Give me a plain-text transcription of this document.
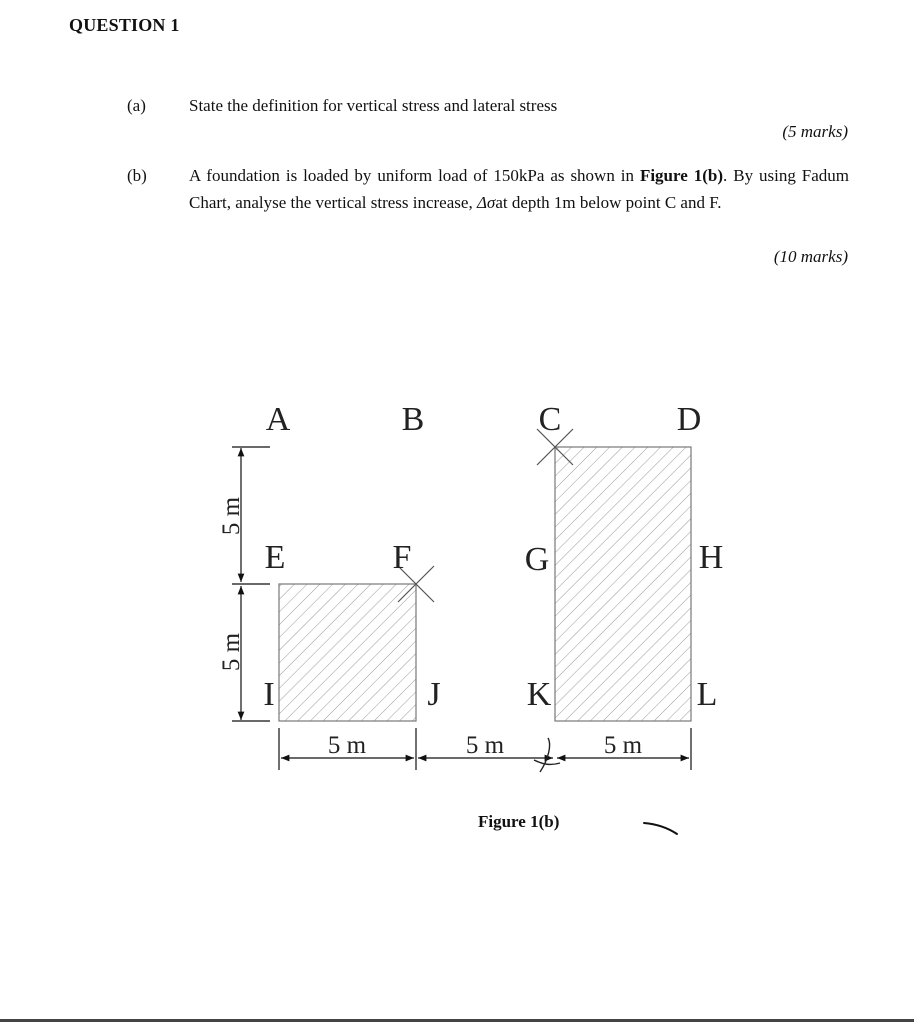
QUESTION 1
(a)	State the definition for vertical stress and lateral stress
(5 marks)
(b) A foundation is loaded by uniform load of 150kPa as shown in Figure 1(b). By using Fadum Chart, analyse the vertical stress increase, Δσat depth 1m below point C and F.
(10 marks)
A	B	C	D
E	F	G	H
I	J	K	L
5 m
5 m
5 m	5 m	5 m
Figure 1(b)
